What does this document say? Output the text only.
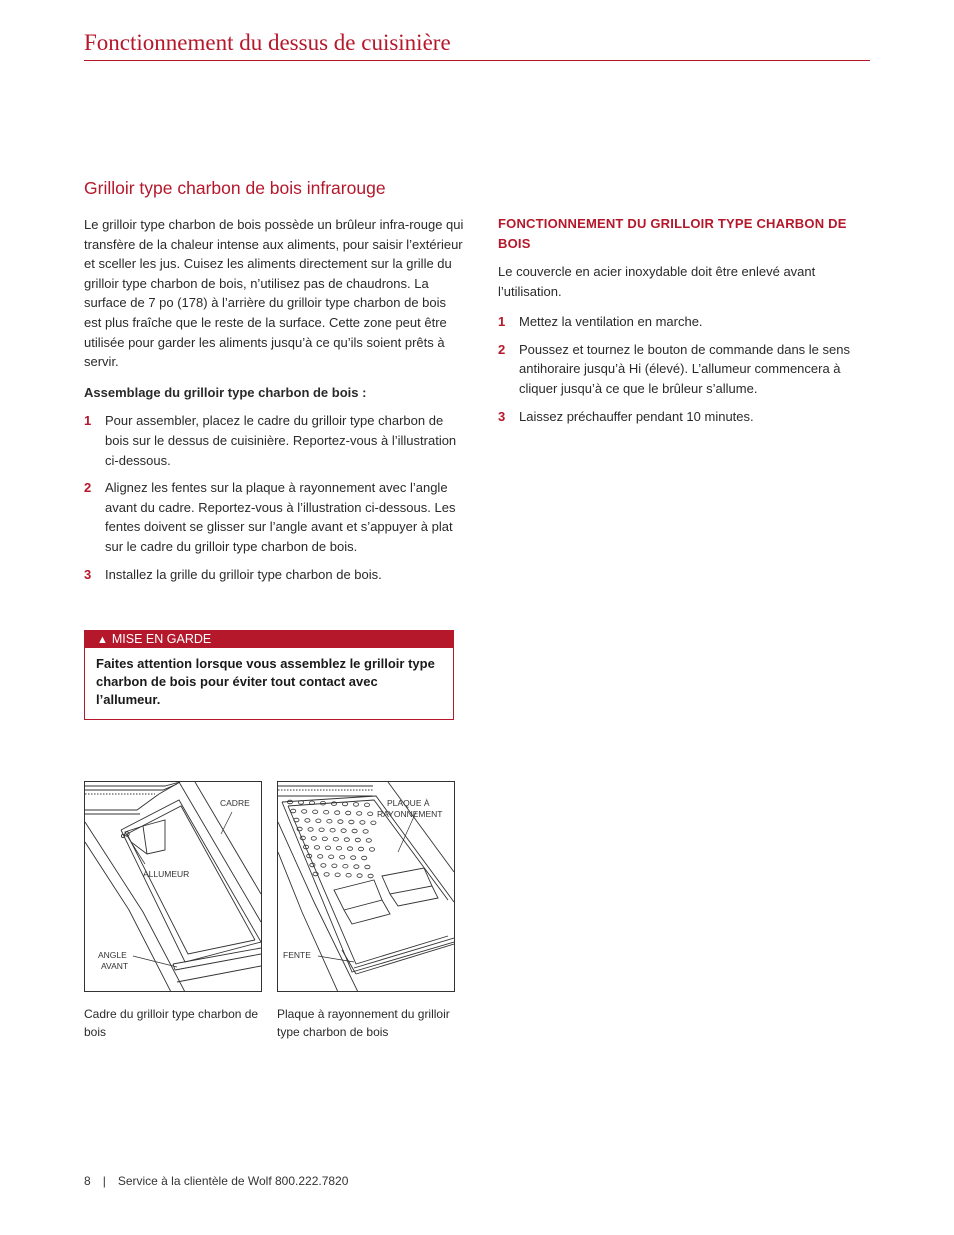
Fonctionnement du dessus de cuisinière
Grilloir type charbon de bois infrarouge

Le grilloir type charbon de bois possède un brûleur infra-rouge qui transfère de la chaleur intense aux aliments, pour saisir l’extérieur et sceller les jus. Cuisez les aliments directement sur la grille du grilloir type charbon de bois, n’utilisez pas de chaudrons. La surface de 7 po (178) à l’arrière du grilloir type charbon de bois est plus fraîche que le reste de la surface. Cette zone peut être utilisée pour garder les aliments jusqu’à ce qu’ils soient prêts à servir.

Assemblage du grilloir type charbon de bois :

1 Pour assembler, placez le cadre du grilloir type charbon de bois sur le dessus de cuisinière. Reportez-vous à l’illustration ci-dessous.
2 Alignez les fentes sur la plaque à rayonnement avec l’angle avant du cadre. Reportez-vous à l’illustration ci-dessous. Les fentes doivent se glisser sur l’angle avant et s’appuyer à plat sur le cadre du grilloir type charbon de bois.
3 Installez la grille du grilloir type charbon de bois.
▲ MISE EN GARDE
Faites attention lorsque vous assemblez le grilloir type charbon de bois pour éviter tout contact avec l’allumeur.

FONCTIONNEMENT DU GRILLOIR TYPE CHARBON DE BOIS

Le couvercle en acier inoxydable doit être enlevé avant l’utilisation.

1 Mettez la ventilation en marche.
2 Poussez et tournez le bouton de commande dans le sens antihoraire jusqu’à Hi (élevé). L’allumeur commencera à cliquer jusqu’à ce que le brûleur s’allume.
3 Laissez préchauffer pendant 10 minutes.
CADRE
ALLUMEUR
ANGLE
AVANT
PLAQUE À
RAYONNEMENT
FENTE
Cadre du grilloir type charbon de bois
Plaque à rayonnement du grilloir type charbon de bois
8 | Service à la clientèle de Wolf 800.222.7820
